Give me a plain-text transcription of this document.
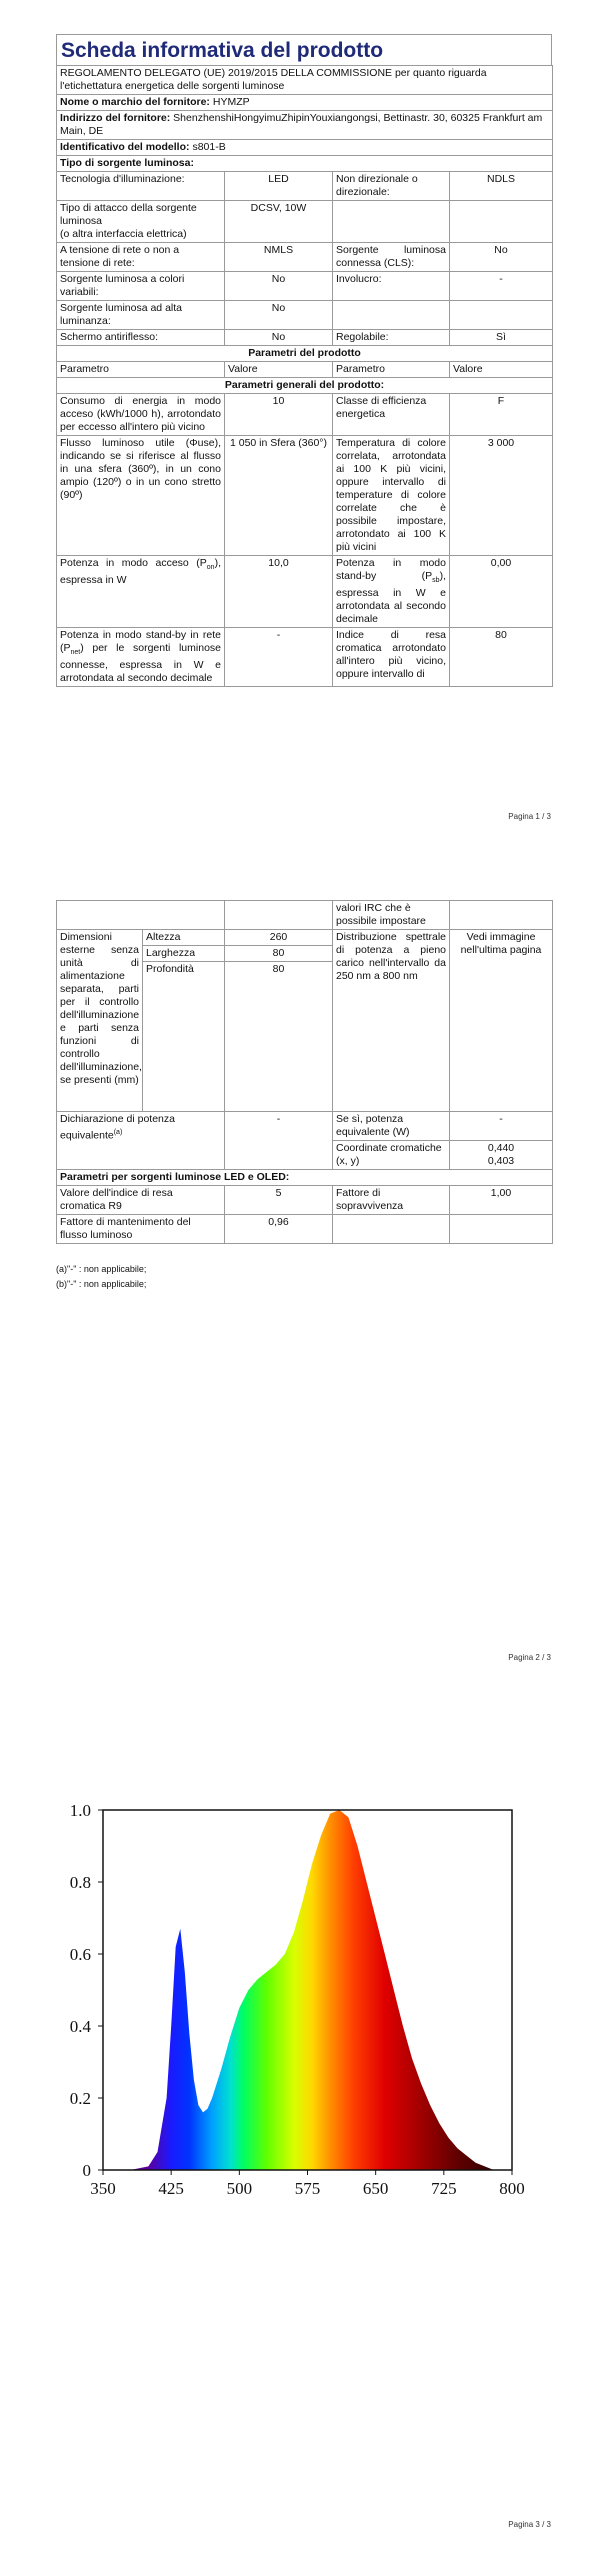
Scheda informativa del prodotto
REGOLAMENTO DELEGATO (UE) 2019/2015 DELLA COMMISSIONE per quanto riguarda l'etichettatura energetica delle sorgenti luminose			
Nome o marchio del fornitore: HYMZP			
Indirizzo del fornitore: ShenzhenshiHongyimuZhipinYouxiangongsi, Bettinastr. 30, 60325 Frankfurt am Main, DE			
Identificativo del modello: s801-B			
Tipo di sorgente luminosa:			
Tecnologia d'illuminazione:	LED	Non direzionale o direzionale:	NDLS
Tipo di attacco della sorgente luminosa
(o altra interfaccia elettrica)	DCSV, 10W		
A tensione di rete o non a tensione di rete:	NMLS	Sorgente luminosa connessa (CLS):	No
Sorgente luminosa a colori variabili:	No	Involucro:	-
Sorgente luminosa ad alta luminanza:	No		
Schermo antiriflesso:	No	Regolabile:	Sì
Parametri del prodotto			
Parametro	Valore	Parametro	Valore
Parametri generali del prodotto:			
Consumo di energia in modo acceso (kWh/1000 h), arrotondato per eccesso all'intero più vicino	10	Classe di efficienza energetica	F
Flusso luminoso utile (Φuse), indicando se si riferisce al flusso in una sfera (360º), in un cono ampio (120º) o in un cono stretto (90º)	1 050 in Sfera (360°)	Temperatura di colore correlata, arrotondata ai 100 K più vicini, oppure intervallo di temperature di colore correlate che è possibile impostare, arrotondato ai 100 K più vicini	3 000
Potenza in modo acceso $(P_{on})$, espressa in W	10,0	Potenza in modo stand-by $(P_{sb})$, espressa in W e arrotondata al secondo decimale	0,00
Potenza in modo stand-by in rete $(P_{net})$ per le sorgenti luminose connesse, espressa in W e arrotondata al secondo decimale	-	Indice di resa cromatica arrotondato all'intero più vicino, oppure intervallo di	80
Pagina 1 / 3
			valori IRC che è possibile impostare	
Dimensioni esterne senza unità di alimentazione separata, parti per il controllo dell'illuminazione e parti senza funzioni di controllo dell'illuminazione, se presenti (mm)	Altezza	260	Distribuzione spettrale di potenza a pieno carico nell'intervallo da 250 nm a 800 nm	Vedi immagine nell'ultima pagina
	Larghezza	80		
	Profondità	80		
Dichiarazione di potenza equivalente$^{(a)}$		-	Se sì, potenza equivalente (W)	-
			Coordinate cromatiche (x, y)	0,440
0,403

Parametri per sorgenti luminose LED e OLED:				
Valore dell'indice di resa cromatica R9		5	Fattore di sopravvivenza	1,00
Fattore di mantenimento del flusso luminoso		0,96		
(a)"-" : non applicabile;
(b)"-" : non applicabile;
Pagina 2 / 3
350	425	500	575	650	725	800
0
0.2
0.4
0.6
0.8
1.0
Pagina 3 / 3
